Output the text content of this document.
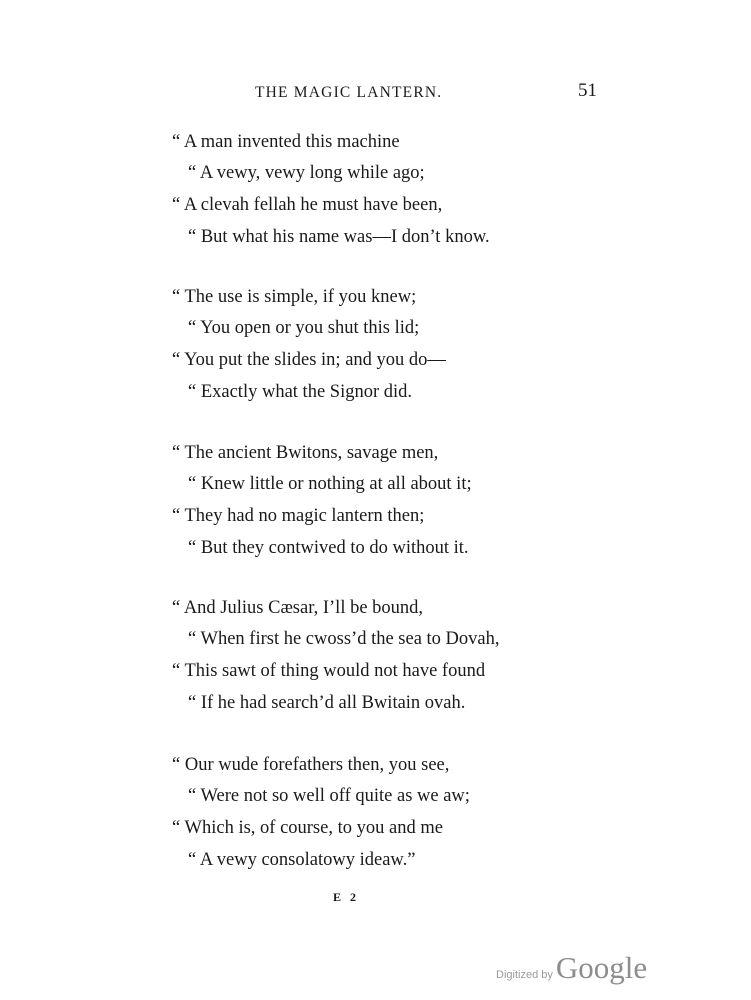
THE MAGIC LANTERN.	51
“ A man invented this machine
“ A vewy, vewy long while ago;
“ A clevah fellah he must have been,
“ But what his name was—I don’t know.
“ The use is simple, if you knew;
“ You open or you shut this lid;
“ You put the slides in; and you do—
“ Exactly what the Signor did.
“ The ancient Bwitons, savage men,
“ Knew little or nothing at all about it;
“ They had no magic lantern then;
“ But they contwived to do without it.
“ And Julius Cæsar, I’ll be bound,
“ When first he cwoss’d the sea to Dovah,
“ This sawt of thing would not have found
“ If he had search’d all Bwitain ovah.
“ Our wude forefathers then, you see,
“ Were not so well off quite as we aw;
“ Which is, of course, to you and me
“ A vewy consolatowy ideaw.”
E 2
Digitized by Google
